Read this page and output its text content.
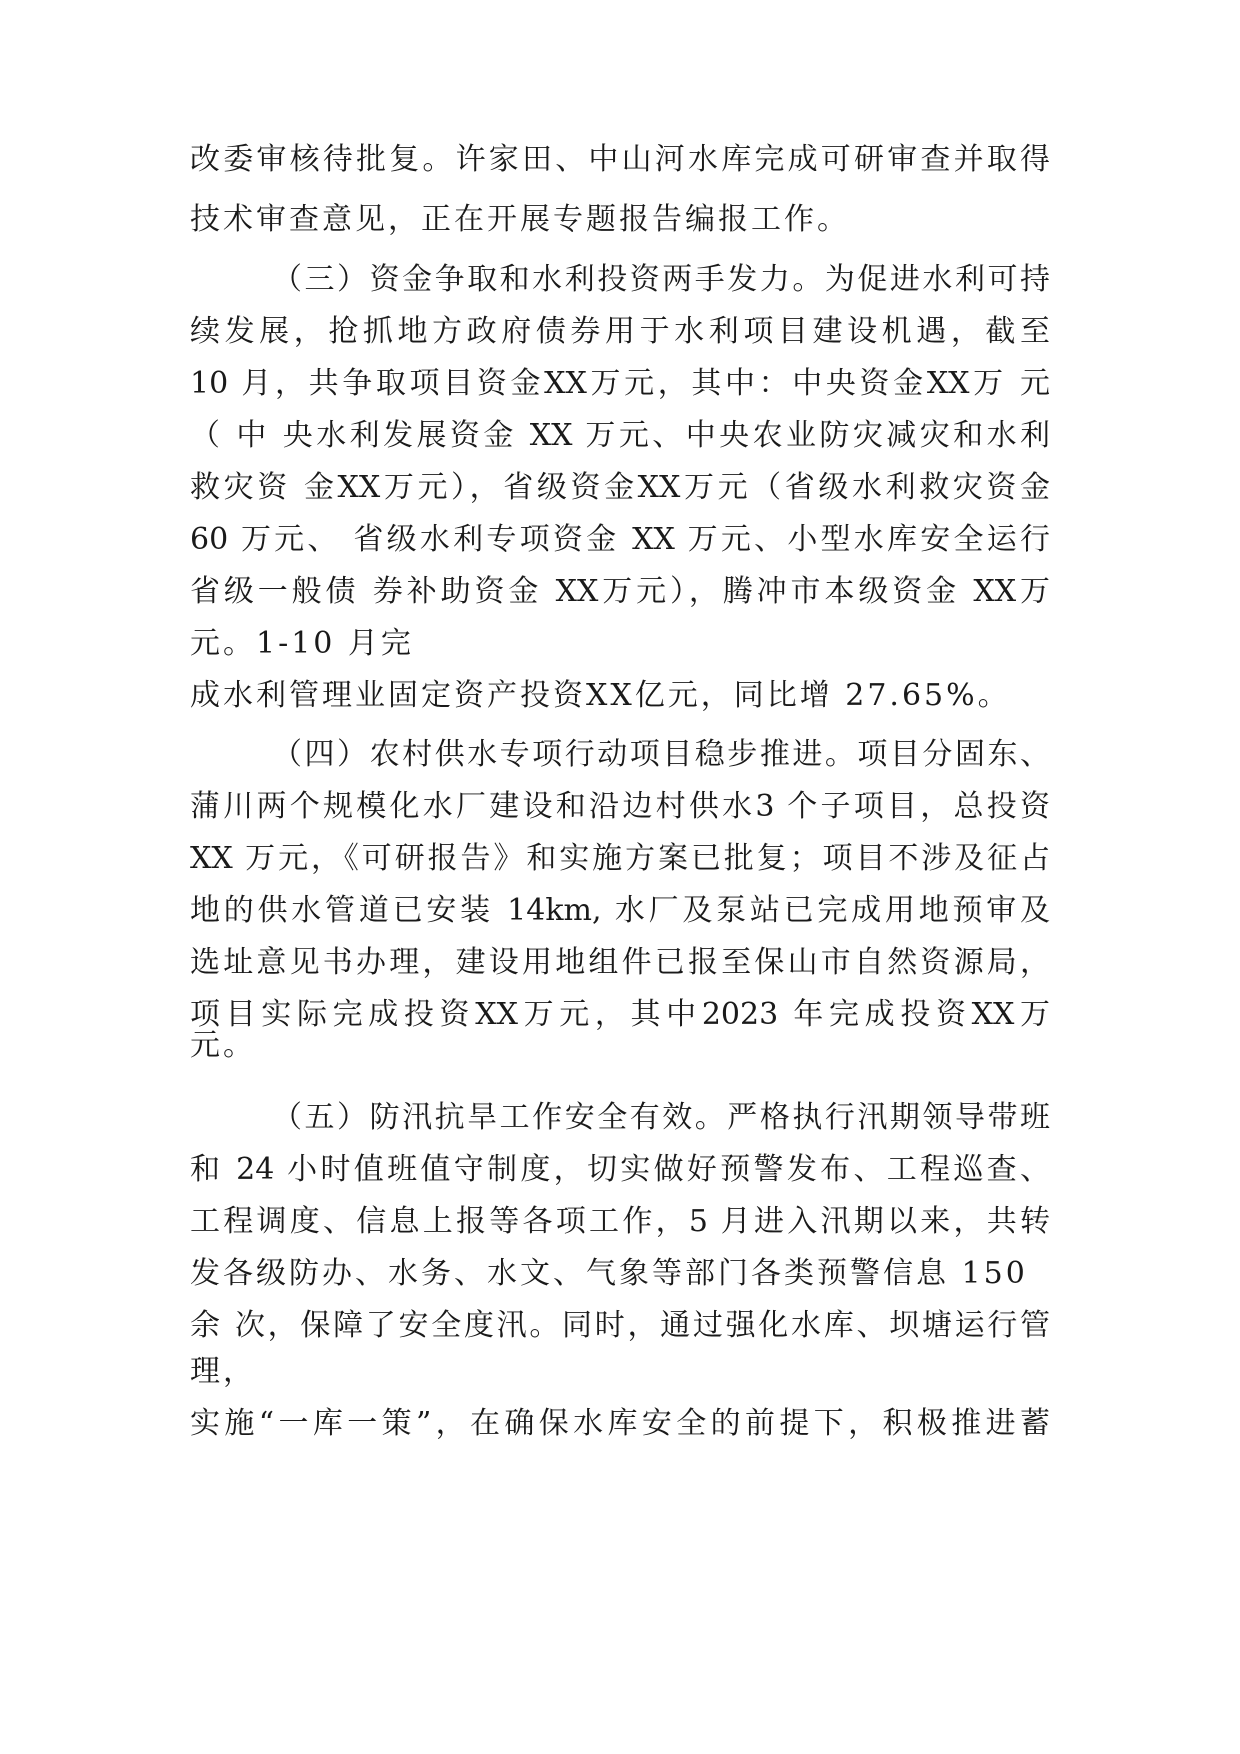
改委审核待批复。许家田、中山河水库完成可研审查并取得
技术审查意见，正在开展专题报告编报工作。
（三）资金争取和水利投资两手发力。为促进水利可持
续发展，抢抓地方政府债券用于水利项目建设机遇，截至
10 月，共争取项目资金XX万元，其中：中央资金XX万 元
（ 中 央水利发展资金 XX 万元、中央农业防灾减灾和水利
救灾资 金XX万元），省级资金XX万元（省级水利救灾资金
60 万元、 省级水利专项资金 XX 万元、小型水库安全运行
省级一般债 券补助资金 XX万元），腾冲市本级资金 XX万
元。1-10 月完
成水利管理业固定资产投资XX亿元，同比增 27.65%。
（四）农村供水专项行动项目稳步推进。项目分固东、
蒲川两个规模化水厂建设和沿边村供水3 个子项目，总投资
XX 万元，《可研报告》和实施方案已批复；项目不涉及征占
地的供水管道已安装 14km, 水厂及泵站已完成用地预审及
选址意见书办理，建设用地组件已报至保山市自然资源局，
项目实际完成投资XX万元，其中2023 年完成投资XX万
元。
（五）防汛抗旱工作安全有效。严格执行汛期领导带班
和 24 小时值班值守制度，切实做好预警发布、工程巡查、
工程调度、信息上报等各项工作，5 月进入汛期以来，共转
发各级防办、水务、水文、气象等部门各类预警信息 150
余 次，保障了安全度汛。同时，通过强化水库、坝塘运行管
理，
实施“一库一策”，在确保水库安全的前提下，积极推进蓄
